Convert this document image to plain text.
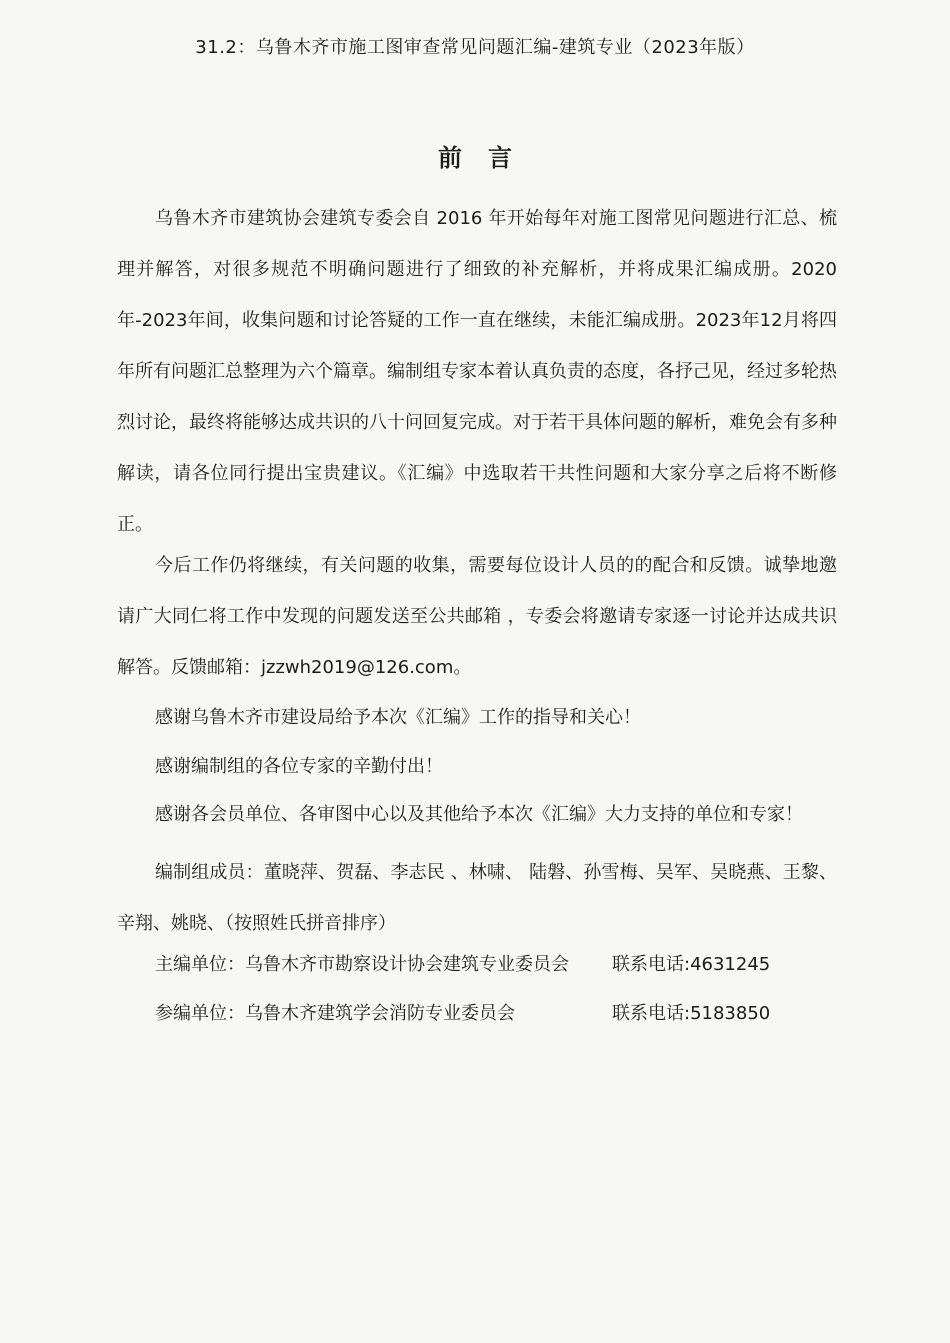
31.2：乌鲁木齐市施工图审查常见问题汇编-建筑专业（2023年版）
前言

乌鲁木齐市建筑协会建筑专委会自 2016 年开始每年对施工图常见问题进行汇总、梳理并解答，对很多规范不明确问题进行了细致的补充解析，并将成果汇编成册。2020年-2023年间，收集问题和讨论答疑的工作一直在继续，未能汇编成册。2023年12月将四年所有问题汇总整理为六个篇章。编制组专家本着认真负责的态度，各抒己见，经过多轮热烈讨论，最终将能够达成共识的八十问回复完成。对于若干具体问题的解析，难免会有多种解读，请各位同行提出宝贵建议。《汇编》中选取若干共性问题和大家分享之后将不断修正。

今后工作仍将继续，有关问题的收集，需要每位设计人员的的配合和反馈。诚挚地邀请广大同仁将工作中发现的问题发送至公共邮箱 ，专委会将邀请专家逐一讨论并达成共识解答。反馈邮箱：jzzwh2019@126.com。

感谢乌鲁木齐市建设局给予本次《汇编》工作的指导和关心！
感谢编制组的各位专家的辛勤付出！
感谢各会员单位、各审图中心以及其他给予本次《汇编》大力支持的单位和专家！
编制组成员：董晓萍、贺磊、李志民 、林啸、 陆磐、孙雪梅、吴军、吴晓燕、王黎、辛翔、姚晓、（按照姓氏拼音排序）
主编单位：乌鲁木齐市勘察设计协会建筑专业委员会 联系电话:4631245
参编单位：乌鲁木齐建筑学会消防专业委员会	联系电话:5183850
